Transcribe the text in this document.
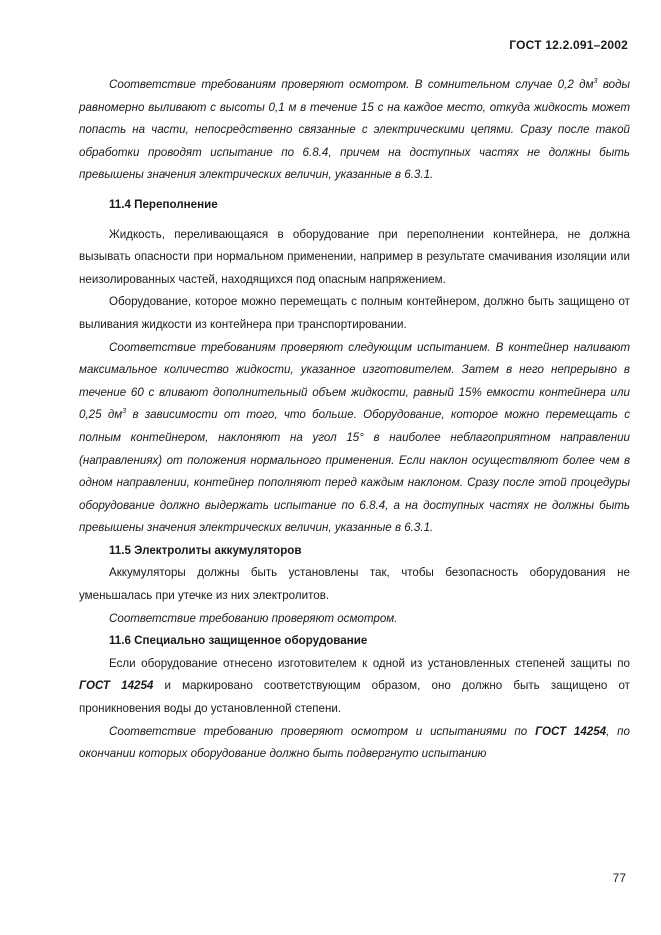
ГОСТ 12.2.091–2002

Соответствие требованиям проверяют осмотром. В сомнительном случае 0,2 $дм^3$ воды равномерно выливают с высоты 0,1 м в течение 15 с на каждое место, откуда жидкость может попасть на части, непосредственно связанные с электрическими цепями. Сразу после такой обработки проводят испытание по 6.8.4, причем на доступных частях не должны быть превышены значения электрических величин, указанные в 6.3.1.

11.4 Переполнение

Жидкость, переливающаяся в оборудование при переполнении контейнера, не должна вызывать опасности при нормальном применении, например в результате смачивания изоляции или неизолированных частей, находящихся под опасным напряжением.

Оборудование, которое можно перемещать с полным контейнером, должно быть защищено от выливания жидкости из контейнера при транспортировании.

Соответствие требованиям проверяют следующим испытанием. В контейнер наливают максимальное количество жидкости, указанное изготовителем. Затем в него непрерывно в течение 60 с вливают дополнительный объем жидкости, равный 15% емкости контейнера или 0,25 $дм^3$ в зависимости от того, что больше. Оборудование, которое можно перемещать с полным контейнером, наклоняют на угол 15° в наиболее неблагоприятном направлении (направлениях) от положения нормального применения. Если наклон осуществляют более чем в одном направлении, контейнер пополняют перед каждым наклоном. Сразу после этой процедуры оборудование должно выдержать испытание по 6.8.4, а на доступных частях не должны быть превышены значения электрических величин, указанные в 6.3.1.

11.5 Электролиты аккумуляторов

Аккумуляторы должны быть установлены так, чтобы безопасность оборудования не уменьшалась при утечке из них электролитов.

Соответствие требованию проверяют осмотром.

11.6 Специально защищенное оборудование

Если оборудование отнесено изготовителем к одной из установленных степеней защиты по ГОСТ 14254 и маркировано соответствующим образом, оно должно быть защищено от проникновения воды до установленной степени.

Соответствие требованию проверяют осмотром и испытаниями по ГОСТ 14254, по окончании которых оборудование должно быть подвергнуто испытанию

77
